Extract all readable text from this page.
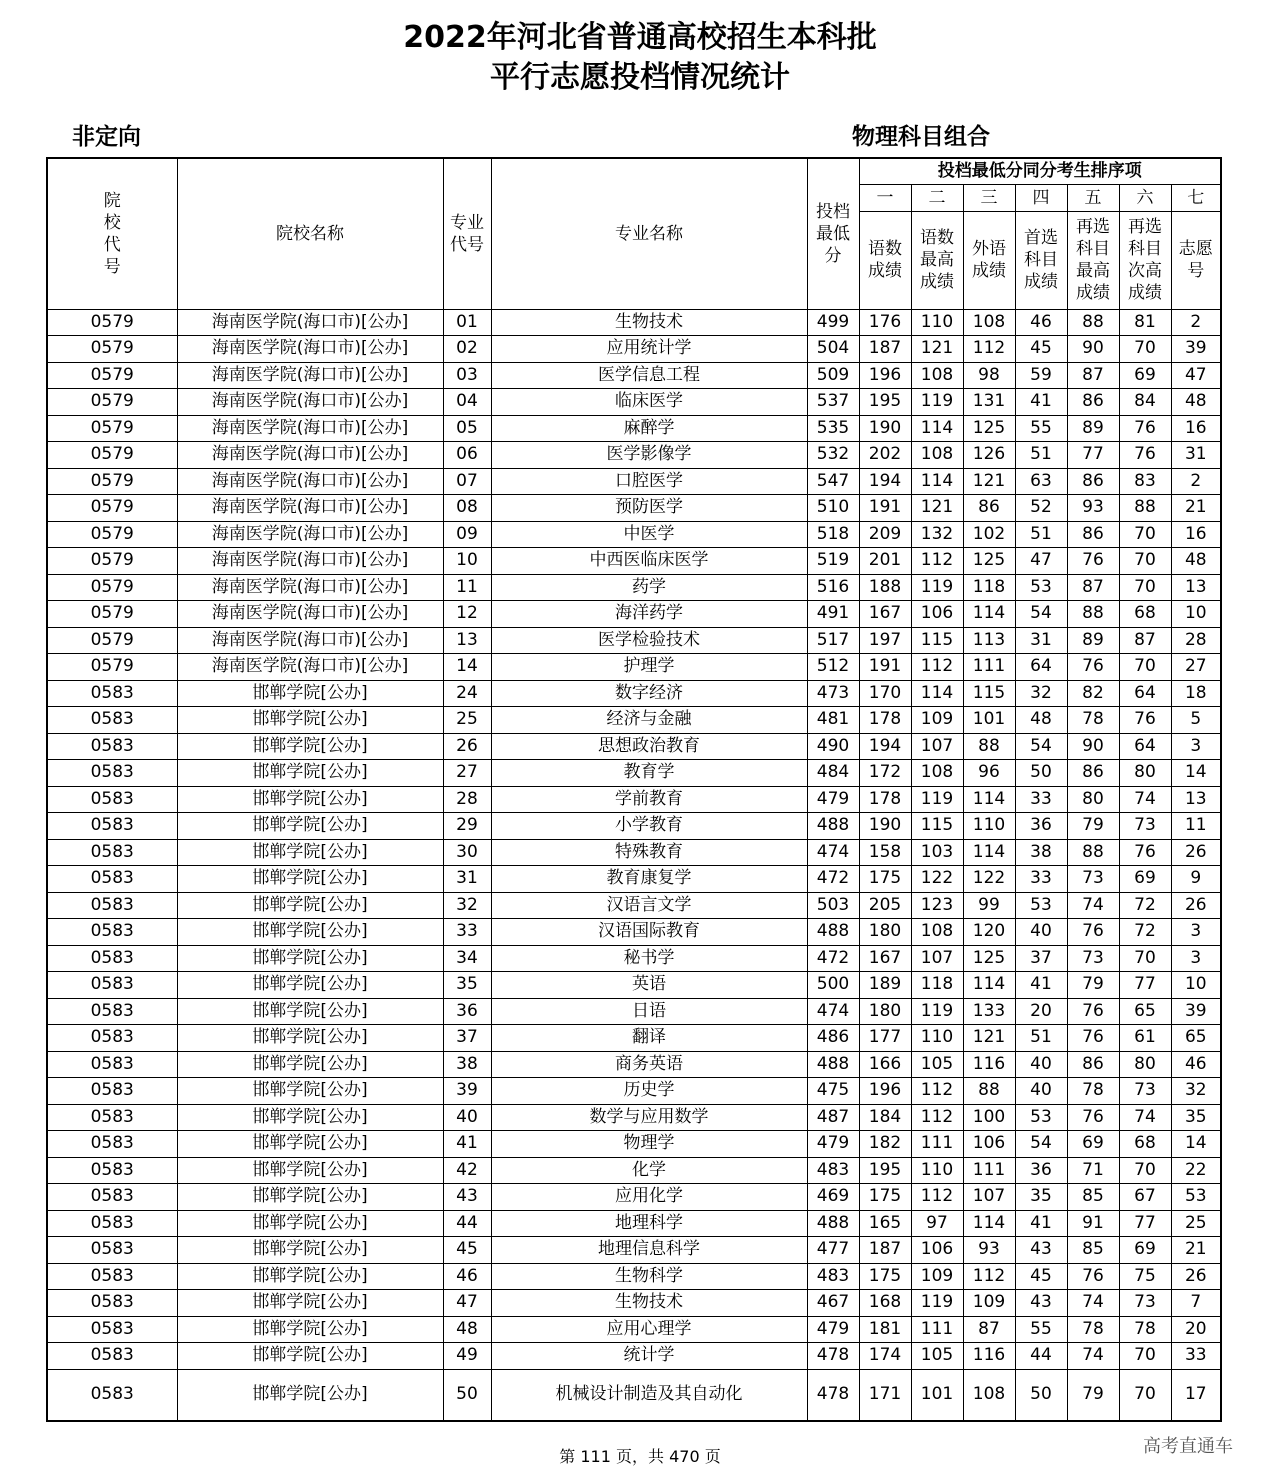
2022年河北省普通高校招生本科批
平行志愿投档情况统计
非定向	物理科目组合
院校代号	院校名称	专业代号	专业名称	投档最低分	投档最低分同分考生排序项						
					一	二	三	四	五	六	七
					语数成绩	语数最高成绩	外语成绩	首选科目成绩	再选科目最高成绩	再选科目次高成绩	志愿号
0579	海南医学院(海口市)[公办]	01	生物技术	499	176	110	108	46	88	81	2
0579	海南医学院(海口市)[公办]	02	应用统计学	504	187	121	112	45	90	70	39
0579	海南医学院(海口市)[公办]	03	医学信息工程	509	196	108	98	59	87	69	47
0579	海南医学院(海口市)[公办]	04	临床医学	537	195	119	131	41	86	84	48
0579	海南医学院(海口市)[公办]	05	麻醉学	535	190	114	125	55	89	76	16
0579	海南医学院(海口市)[公办]	06	医学影像学	532	202	108	126	51	77	76	31
0579	海南医学院(海口市)[公办]	07	口腔医学	547	194	114	121	63	86	83	2
0579	海南医学院(海口市)[公办]	08	预防医学	510	191	121	86	52	93	88	21
0579	海南医学院(海口市)[公办]	09	中医学	518	209	132	102	51	86	70	16
0579	海南医学院(海口市)[公办]	10	中西医临床医学	519	201	112	125	47	76	70	48
0579	海南医学院(海口市)[公办]	11	药学	516	188	119	118	53	87	70	13
0579	海南医学院(海口市)[公办]	12	海洋药学	491	167	106	114	54	88	68	10
0579	海南医学院(海口市)[公办]	13	医学检验技术	517	197	115	113	31	89	87	28
0579	海南医学院(海口市)[公办]	14	护理学	512	191	112	111	64	76	70	27
0583	邯郸学院[公办]	24	数字经济	473	170	114	115	32	82	64	18
0583	邯郸学院[公办]	25	经济与金融	481	178	109	101	48	78	76	5
0583	邯郸学院[公办]	26	思想政治教育	490	194	107	88	54	90	64	3
0583	邯郸学院[公办]	27	教育学	484	172	108	96	50	86	80	14
0583	邯郸学院[公办]	28	学前教育	479	178	119	114	33	80	74	13
0583	邯郸学院[公办]	29	小学教育	488	190	115	110	36	79	73	11
0583	邯郸学院[公办]	30	特殊教育	474	158	103	114	38	88	76	26
0583	邯郸学院[公办]	31	教育康复学	472	175	122	122	33	73	69	9
0583	邯郸学院[公办]	32	汉语言文学	503	205	123	99	53	74	72	26
0583	邯郸学院[公办]	33	汉语国际教育	488	180	108	120	40	76	72	3
0583	邯郸学院[公办]	34	秘书学	472	167	107	125	37	73	70	3
0583	邯郸学院[公办]	35	英语	500	189	118	114	41	79	77	10
0583	邯郸学院[公办]	36	日语	474	180	119	133	20	76	65	39
0583	邯郸学院[公办]	37	翻译	486	177	110	121	51	76	61	65
0583	邯郸学院[公办]	38	商务英语	488	166	105	116	40	86	80	46
0583	邯郸学院[公办]	39	历史学	475	196	112	88	40	78	73	32
0583	邯郸学院[公办]	40	数学与应用数学	487	184	112	100	53	76	74	35
0583	邯郸学院[公办]	41	物理学	479	182	111	106	54	69	68	14
0583	邯郸学院[公办]	42	化学	483	195	110	111	36	71	70	22
0583	邯郸学院[公办]	43	应用化学	469	175	112	107	35	85	67	53
0583	邯郸学院[公办]	44	地理科学	488	165	97	114	41	91	77	25
0583	邯郸学院[公办]	45	地理信息科学	477	187	106	93	43	85	69	21
0583	邯郸学院[公办]	46	生物科学	483	175	109	112	45	76	75	26
0583	邯郸学院[公办]	47	生物技术	467	168	119	109	43	74	73	7
0583	邯郸学院[公办]	48	应用心理学	479	181	111	87	55	78	78	20
0583	邯郸学院[公办]	49	统计学	478	174	105	116	44	74	70	33
0583	邯郸学院[公办]	50	机械设计制造及其自动化	478	171	101	108	50	79	70	17
第 111 页，共 470 页	高考直通车
